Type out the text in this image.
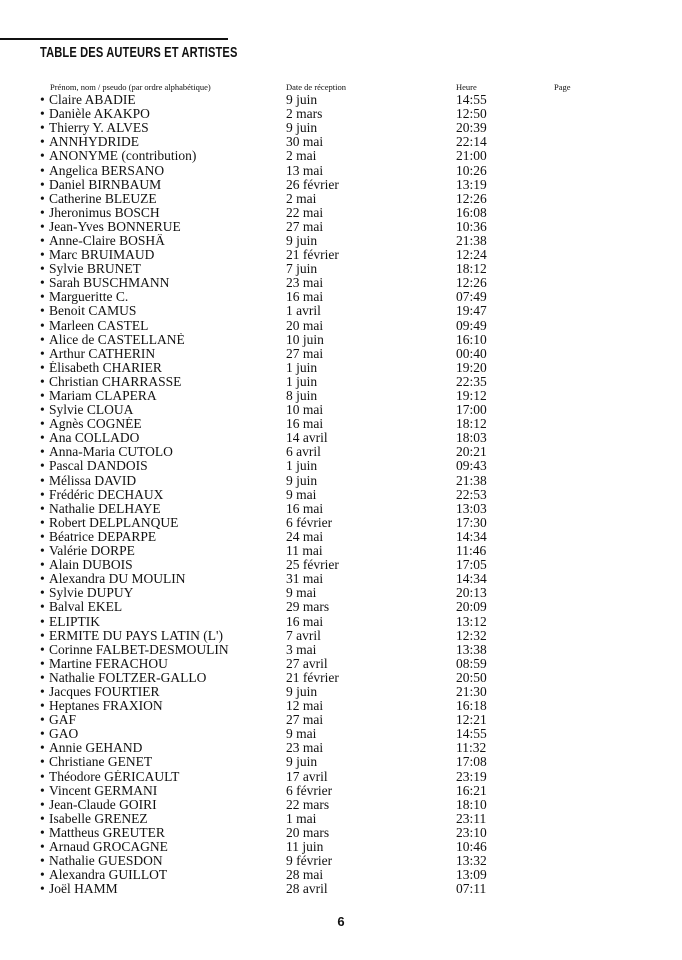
TABLE DES AUTEURS ET ARTISTES
Prénom, nom / pseudo (par ordre alphabétique)	Date de réception	Heure	Page
• Claire ABADIE	9 juin	14:55	

• Danièle AKAKPO	2 mars	12:50	

• Thierry Y. ALVES	9 juin	20:39	

• ANNHYDRIDE	30 mai	22:14	

• ANONYME (contribution)	2 mai	21:00	

• Angelica BERSANO	13 mai	10:26	

• Daniel BIRNBAUM	26 février	13:19	

• Catherine BLEUZE	2 mai	12:26	

• Jheronimus BOSCH	22 mai	16:08	

• Jean-Yves BONNERUE	27 mai	10:36	

• Anne-Claire BOSHÂ	9 juin	21:38	

• Marc BRUIMAUD	21 février	12:24	

• Sylvie BRUNET	7 juin	18:12	

• Sarah BUSCHMANN	23 mai	12:26	

• Margueritte C.	16 mai	07:49	

• Benoit CAMUS	1 avril	19:47	

• Marleen CASTEL	20 mai	09:49	

• Alice de CASTELLANÈ	10 juin	16:10	

• Arthur CATHERIN	27 mai	00:40	

• Élisabeth CHARIER	1 juin	19:20	

• Christian CHARRASSE	1 juin	22:35	

• Mariam CLAPERA	8 juin	19:12	

• Sylvie CLOUA	10 mai	17:00	

• Agnès COGNÉE	16 mai	18:12	

• Ana COLLADO	14 avril	18:03	

• Anna-Maria CUTOLO	6 avril	20:21	

• Pascal DANDOIS	1 juin	09:43	

• Mélissa DAVID	9 juin	21:38	

• Frédéric DECHAUX	9 mai	22:53	

• Nathalie DELHAYE	16 mai	13:03	

• Robert DELPLANQUE	6 février	17:30	

• Béatrice DEPARPE	24 mai	14:34	

• Valérie DORPE	11 mai	11:46	

• Alain DUBOIS	25 février	17:05	

• Alexandra DU MOULIN	31 mai	14:34	

• Sylvie DUPUY	9 mai	20:13	

• Balval EKEL	29 mars	20:09	

• ELIPTIK	16 mai	13:12	

• ERMITE DU PAYS LATIN (L')	7 avril	12:32	

• Corinne FALBET-DESMOULIN	3 mai	13:38	

• Martine FERACHOU	27 avril	08:59	

• Nathalie FOLTZER-GALLO	21 février	20:50	

• Jacques FOURTIER	9 juin	21:30	

• Heptanes FRAXION	12 mai	16:18	

• GAF	27 mai	12:21	

• GAO	9 mai	14:55	

• Annie GEHAND	23 mai	11:32	

• Christiane GENET	9 juin	17:08	

• Théodore GÉRICAULT	17 avril	23:19	

• Vincent GERMANI	6 février	16:21	

• Jean-Claude GOIRI	22 mars	18:10	

• Isabelle GRENEZ	1 mai	23:11	

• Mattheus GREUTER	20 mars	23:10	

• Arnaud GROCAGNE	11 juin	10:46	

• Nathalie GUESDON	9 février	13:32	

• Alexandra GUILLOT	28 mai	13:09	

• Joël HAMM	28 avril	07:11	
6
